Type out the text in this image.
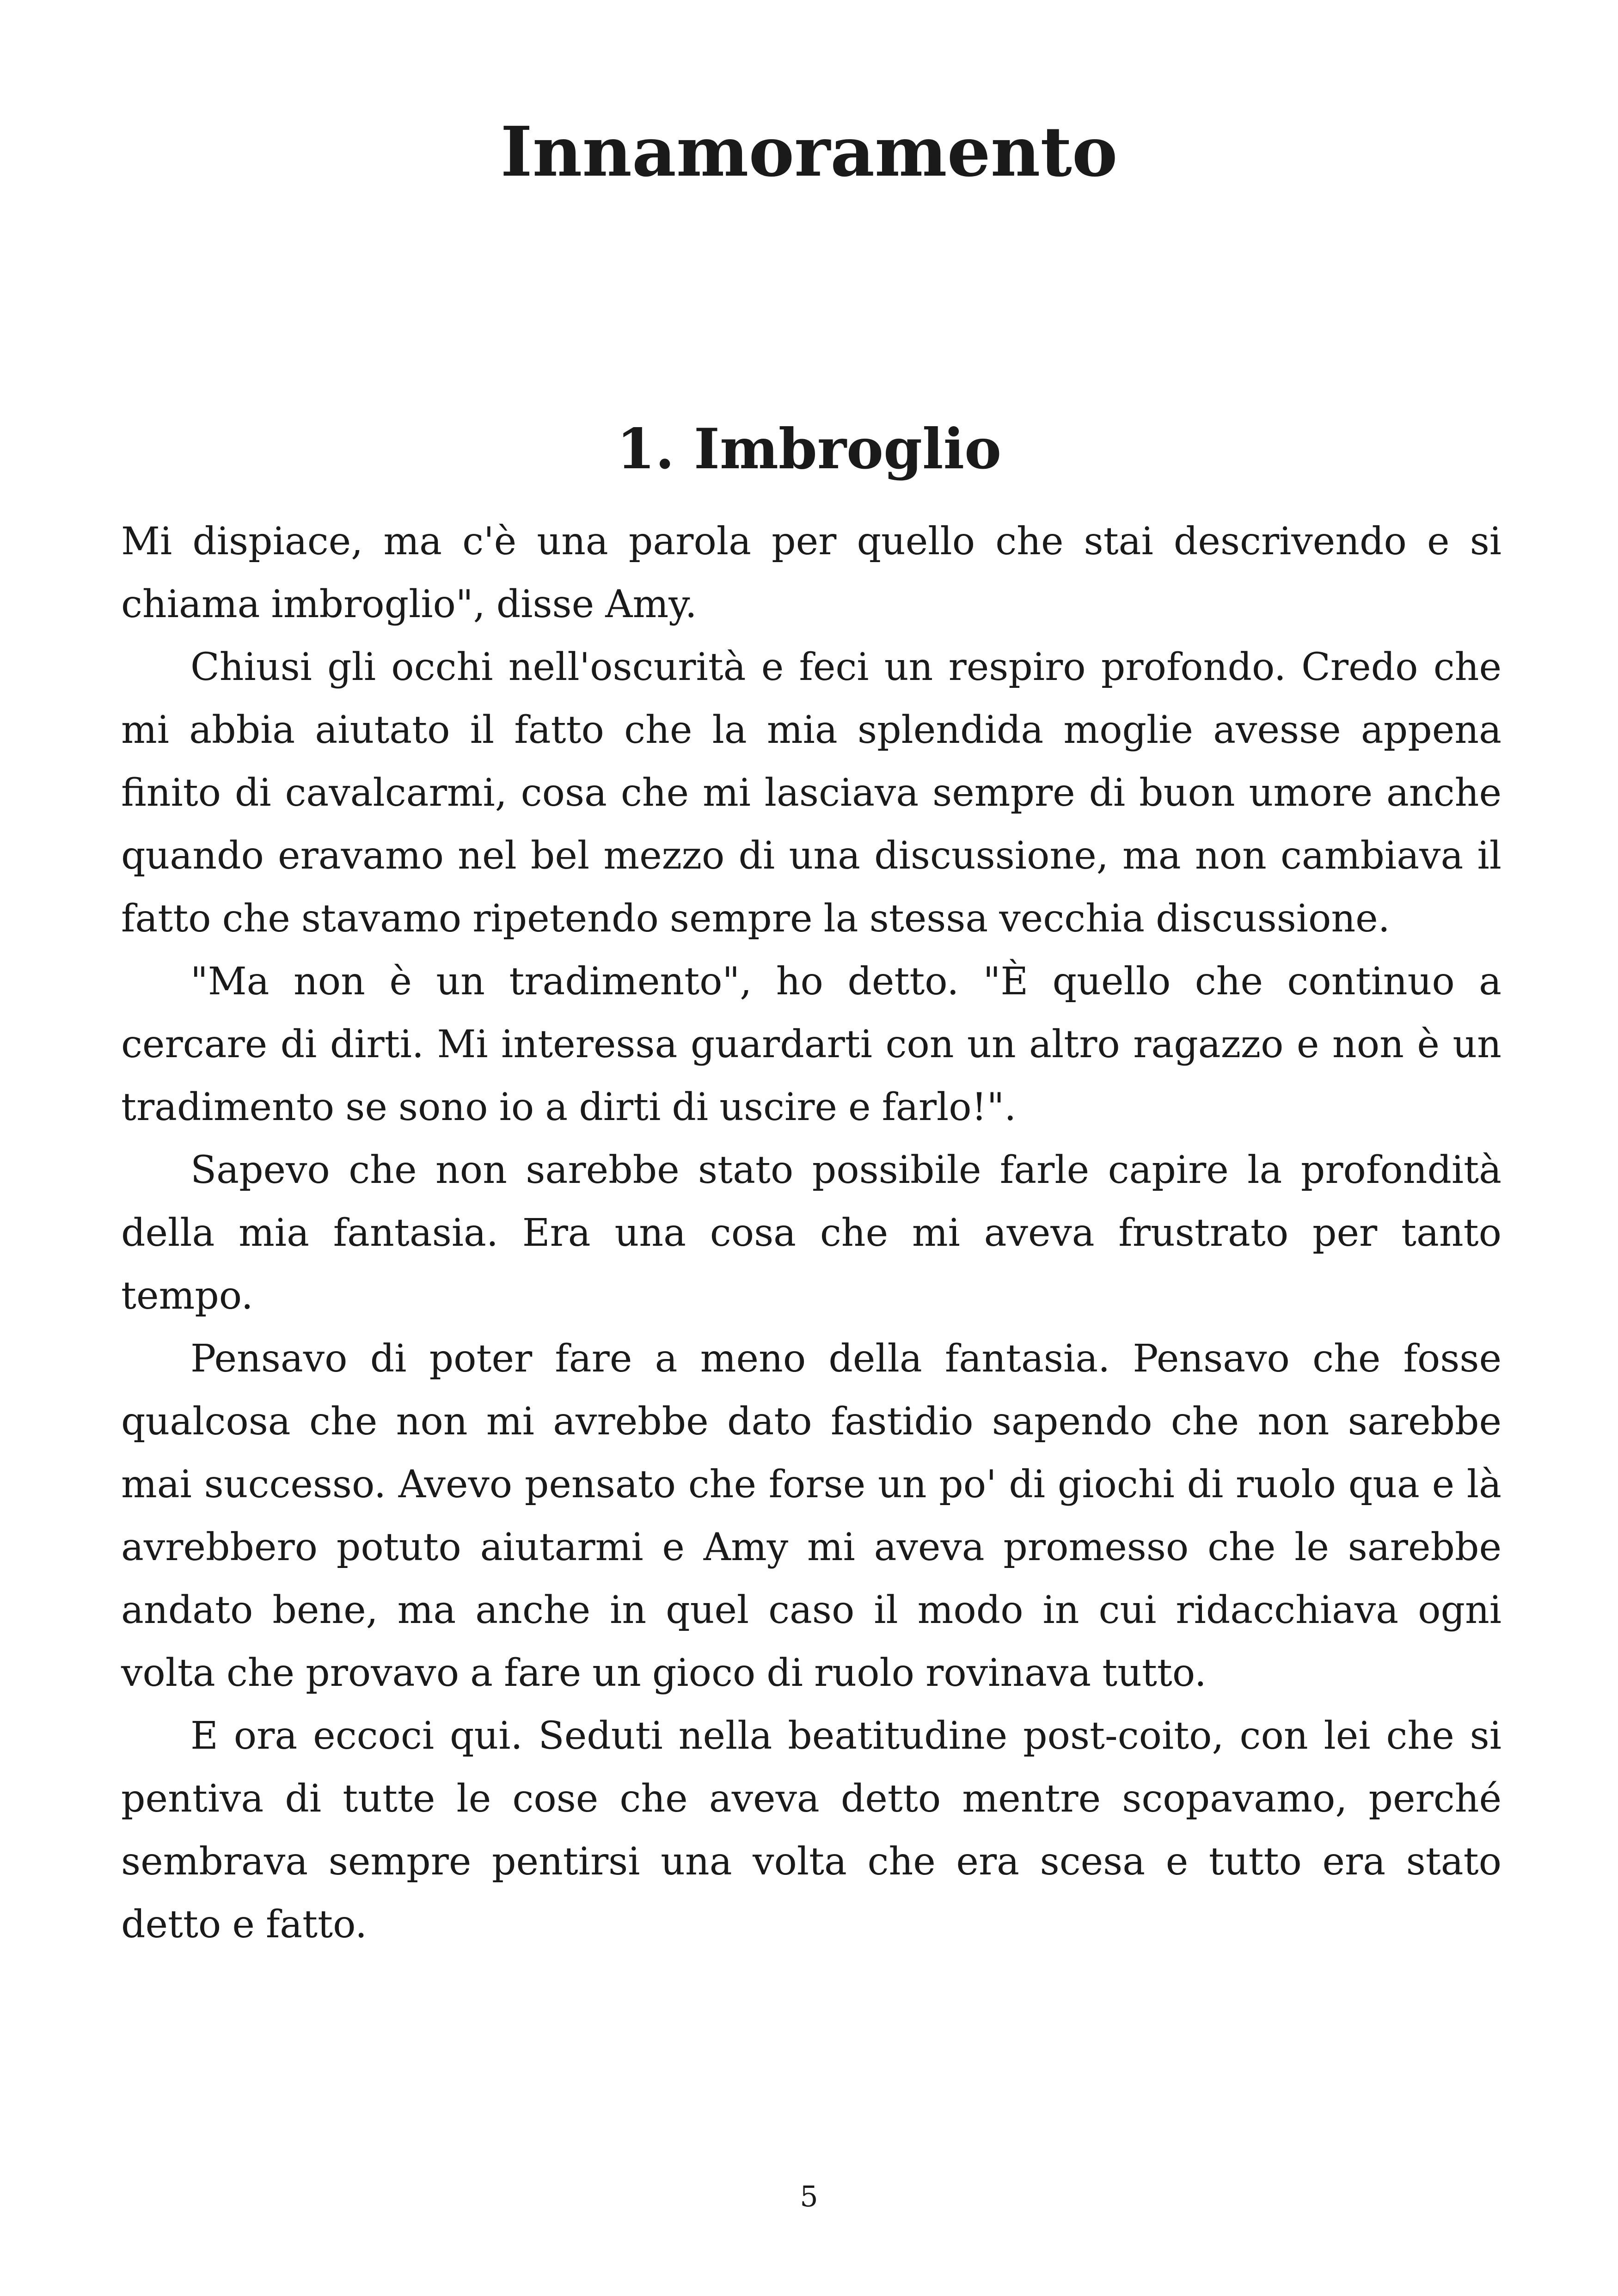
Innamoramento
1. Imbroglio

Mi dispiace, ma c'è una parola per quello che stai descrivendo e si chiama imbroglio", disse Amy.

Chiusi gli occhi nell'oscurità e feci un respiro profondo. Credo che mi abbia aiutato il fatto che la mia splendida moglie avesse appena finito di cavalcarmi, cosa che mi lasciava sempre di buon umore anche quando eravamo nel bel mezzo di una discussione, ma non cambiava il fatto che stavamo ripetendo sempre la stessa vecchia discussione.

"Ma non è un tradimento", ho detto. "È quello che continuo a cercare di dirti. Mi interessa guardarti con un altro ragazzo e non è un tradimento se sono io a dirti di uscire e farlo!".

Sapevo che non sarebbe stato possibile farle capire la profondità della mia fantasia. Era una cosa che mi aveva frustrato per tanto tempo.

Pensavo di poter fare a meno della fantasia. Pensavo che fosse qualcosa che non mi avrebbe dato fastidio sapendo che non sarebbe mai successo. Avevo pensato che forse un po' di giochi di ruolo qua e là avrebbero potuto aiutarmi e Amy mi aveva promesso che le sarebbe andato bene, ma anche in quel caso il modo in cui ridacchiava ogni volta che provavo a fare un gioco di ruolo rovinava tutto.

E ora eccoci qui. Seduti nella beatitudine post-coito, con lei che si pentiva di tutte le cose che aveva detto mentre scopavamo, perché sembrava sempre pentirsi una volta che era scesa e tutto era stato detto e fatto.

5
